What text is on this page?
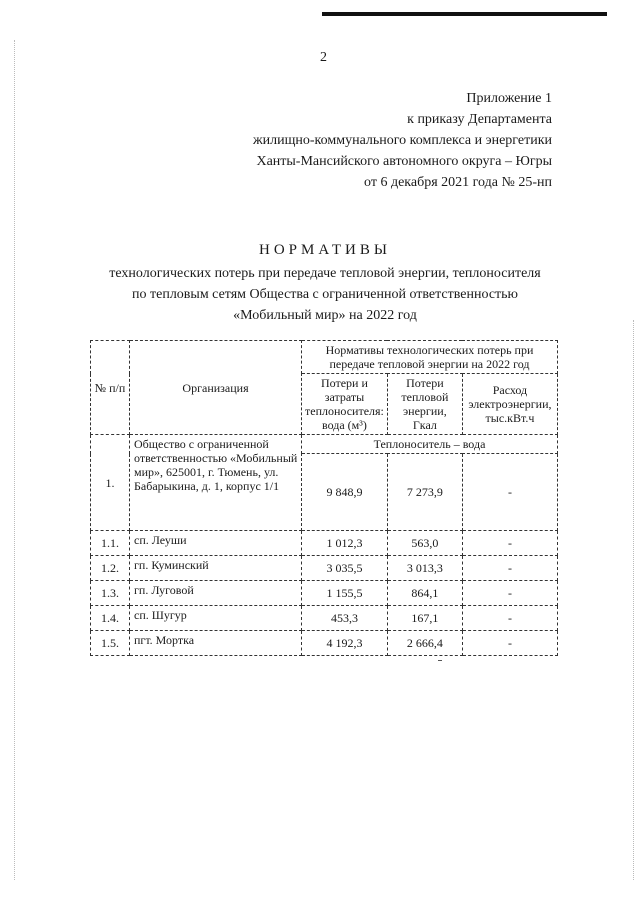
2
Приложение 1
к приказу Департамента
жилищно-коммунального комплекса и энергетики
Ханты-Мансийского автономного округа – Югры
от 6 декабря 2021 года № 25-нп
НОРМАТИВЫ
технологических потерь при передаче тепловой энергии, теплоносителя
по тепловым сетям Общества с ограниченной ответственностью
«Мобильный мир» на 2022 год
№ п/п	Организация	Нормативы технологических потерь при передаче тепловой энергии на 2022 год		
		Потери и затраты теплоносителя: вода (м³)	Потери тепловой энергии, Гкал	Расход электроэнергии, тыс.кВт.ч
1.	Общество с ограниченной ответственностью «Мобильный мир», 625001, г. Тюмень, ул. Бабарыкина, д. 1, корпус 1/1	Теплоноситель – вода		
		9 848,9	7 273,9	-
1.1.	сп. Леуши	1 012,3	563,0	-
1.2.	гп. Куминский	3 035,5	3 013,3	-
1.3.	гп. Луговой	1 155,5	864,1	-
1.4.	сп. Шугур	453,3	167,1	-
1.5.	пгт. Мортка	4 192,3	2 666,4	-
